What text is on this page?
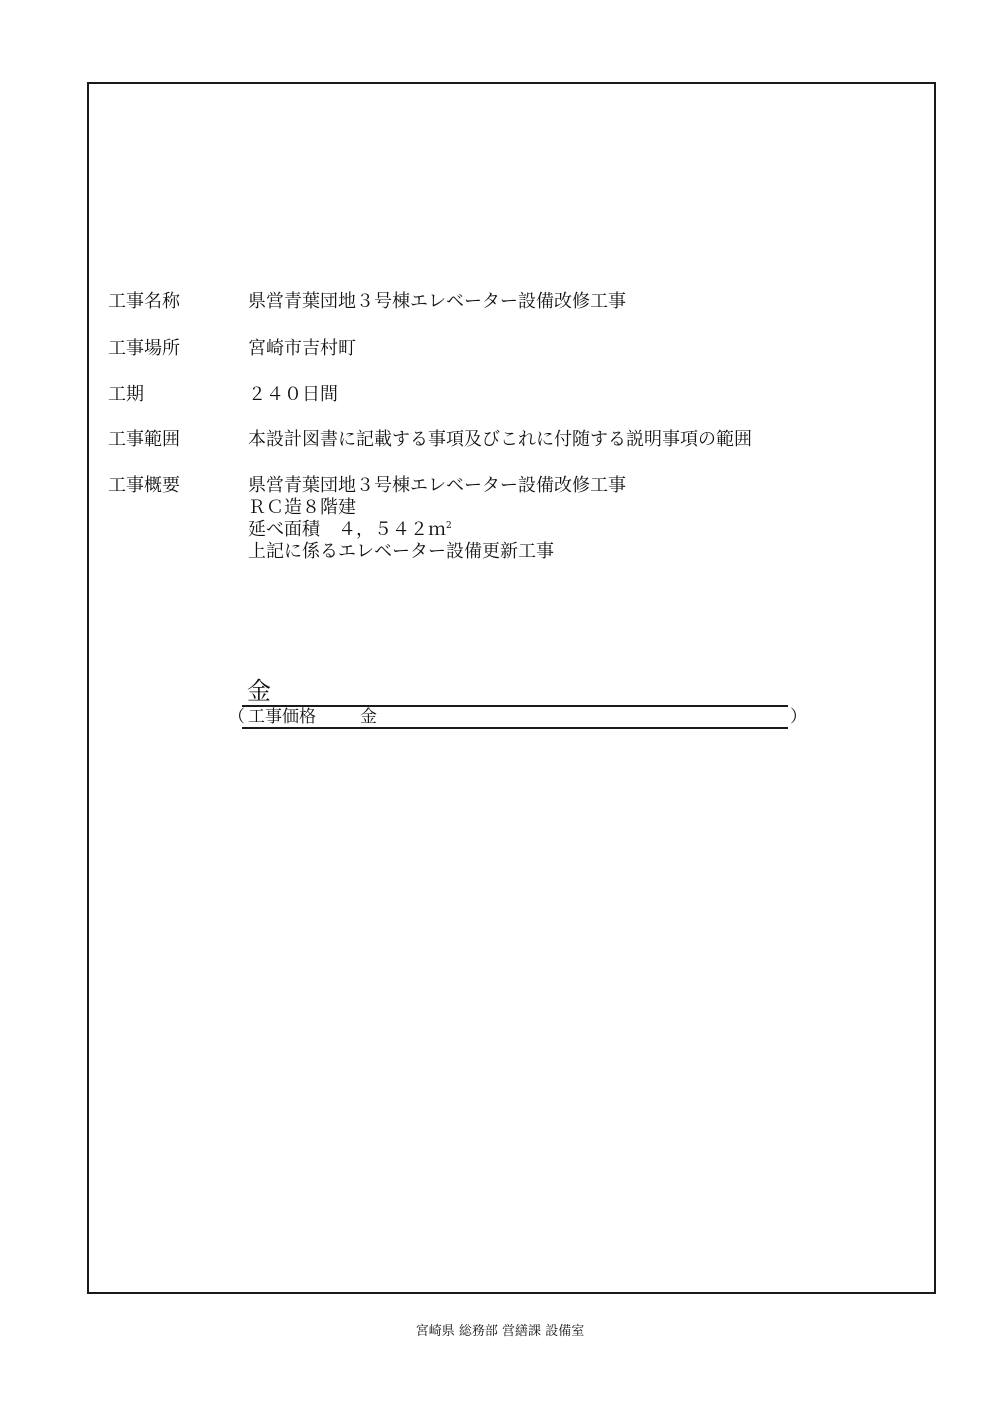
工事名称	県営青葉団地３号棟エレベーター設備改修工事
工事場所	宮崎市吉村町
工期	２４０日間
工事範囲	本設計図書に記載する事項及びこれに付随する説明事項の範囲
工事概要	県営青葉団地３号棟エレベーター設備改修工事
ＲＣ造８階建
延べ面積　４，５４２ｍ$^2$
上記に係るエレベーター設備更新工事
金
（ 工事価格	金	）
宮崎県 総務部 営繕課 設備室
